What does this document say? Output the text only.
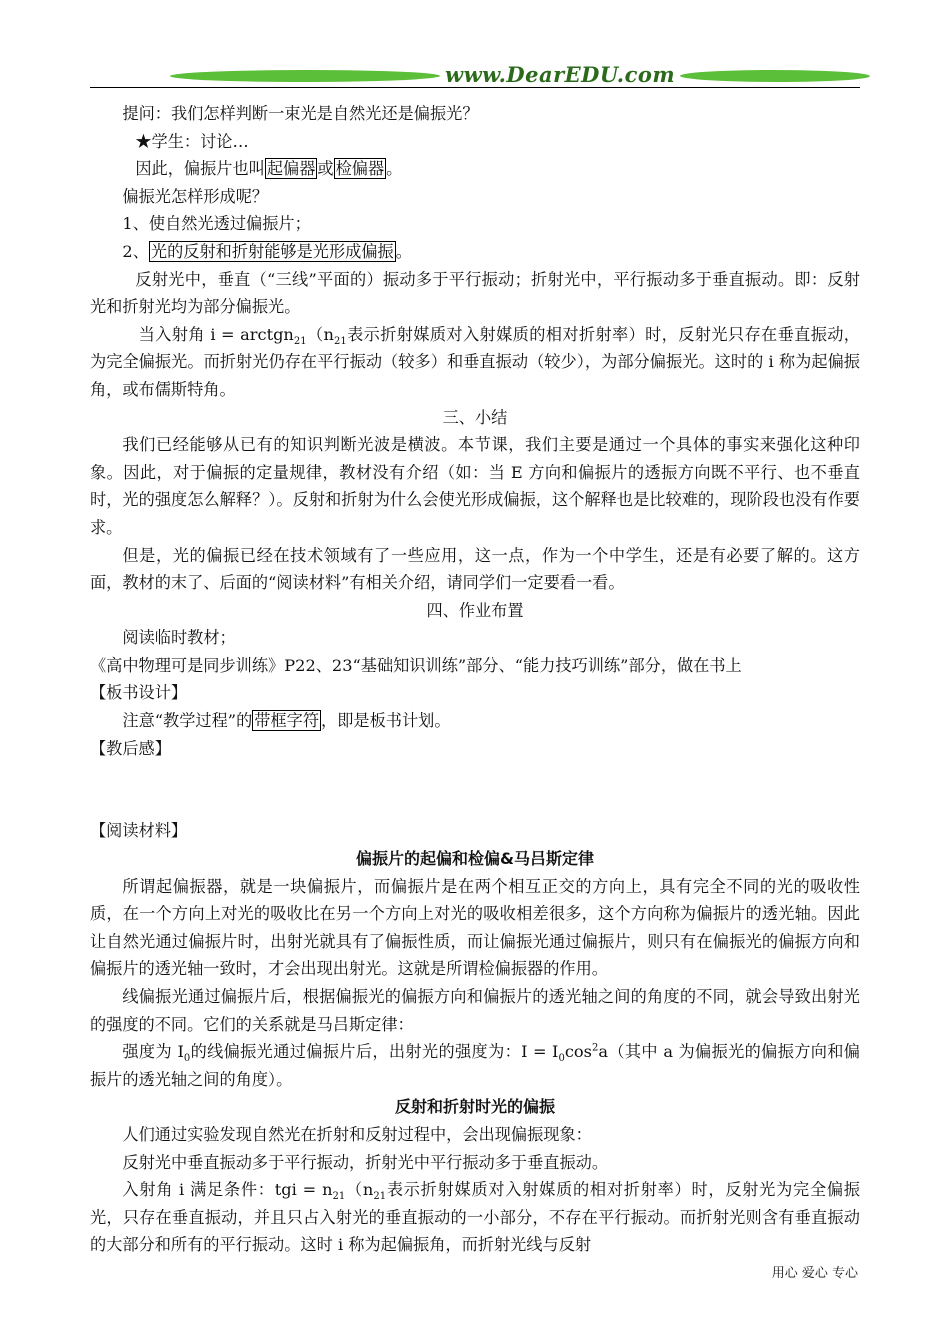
www.DearEDU.com

提问：我们怎样判断一束光是自然光还是偏振光？

★学生：讨论…

因此，偏振片也叫 起偏器 或 检偏器 。

偏振光怎样形成呢？

1、使自然光透过偏振片；

2、 光的反射和折射能够是光形成偏振 。

反射光中，垂直（“三线”平面的）振动多于平行振动；折射光中，平行振动多于垂直振动。即：反射光和折射光均为部分偏振光。

当入射角 $i = arctgn_{21}(n_{21}$表示折射媒质对入射媒质的相对折射率）时，反射光只存在垂直振动，为完全偏振光。而折射光仍存在平行振动（较多）和垂直振动（较少），为部分偏振光。这时的 i 称为起偏振角，或布儒斯特角。

三、小结

我们已经能够从已有的知识判断光波是横波。本节课，我们主要是通过一个具体的事实来强化这种印象。因此，对于偏振的定量规律，教材没有介绍（如：当 E 方向和偏振片的透振方向既不平行、也不垂直时，光的强度怎么解释？）。反射和折射为什么会使光形成偏振，这个解释也是比较难的，现阶段也没有作要求。

但是，光的偏振已经在技术领域有了一些应用，这一点，作为一个中学生，还是有必要了解的。这方面，教材的末了、后面的“阅读材料”有相关介绍，请同学们一定要看一看。

四、作业布置

阅读临时教材；

《高中物理可是同步训练》P22、23“基础知识训练”部分、“能力技巧训练”部分，做在书上

【板书设计】

注意“教学过程”的 带框字符 ，即是板书计划。

【教后感】

【阅读材料】

偏振片的起偏和检偏&马吕斯定律

所谓起偏振器，就是一块偏振片，而偏振片是在两个相互正交的方向上，具有完全不同的光的吸收性质，在一个方向上对光的吸收比在另一个方向上对光的吸收相差很多，这个方向称为偏振片的透光轴。因此让自然光通过偏振片时，出射光就具有了偏振性质，而让偏振光通过偏振片，则只有在偏振光的偏振方向和偏振片的透光轴一致时，才会出现出射光。这就是所谓检偏振器的作用。

线偏振光通过偏振片后，根据偏振光的偏振方向和偏振片的透光轴之间的角度的不同，就会导致出射光的强度的不同。它们的关系就是马吕斯定律：

强度为 $I_0$的线偏振光通过偏振片后，出射光的强度为：$I = I_0\cos^2a$（其中 a 为偏振光的偏振方向和偏振片的透光轴之间的角度）。

反射和折射时光的偏振

人们通过实验发现自然光在折射和反射过程中，会出现偏振现象：

反射光中垂直振动多于平行振动，折射光中平行振动多于垂直振动。

入射角 i 满足条件：tgi = $n_{21}(n_{21}$表示折射媒质对入射媒质的相对折射率）时，反射光为完全偏振光，只存在垂直振动，并且只占入射光的垂直振动的一小部分，不存在平行振动。而折射光则含有垂直振动的大部分和所有的平行振动。这时 i 称为起偏振角，而折射光线与反射

用心 爱心 专心
